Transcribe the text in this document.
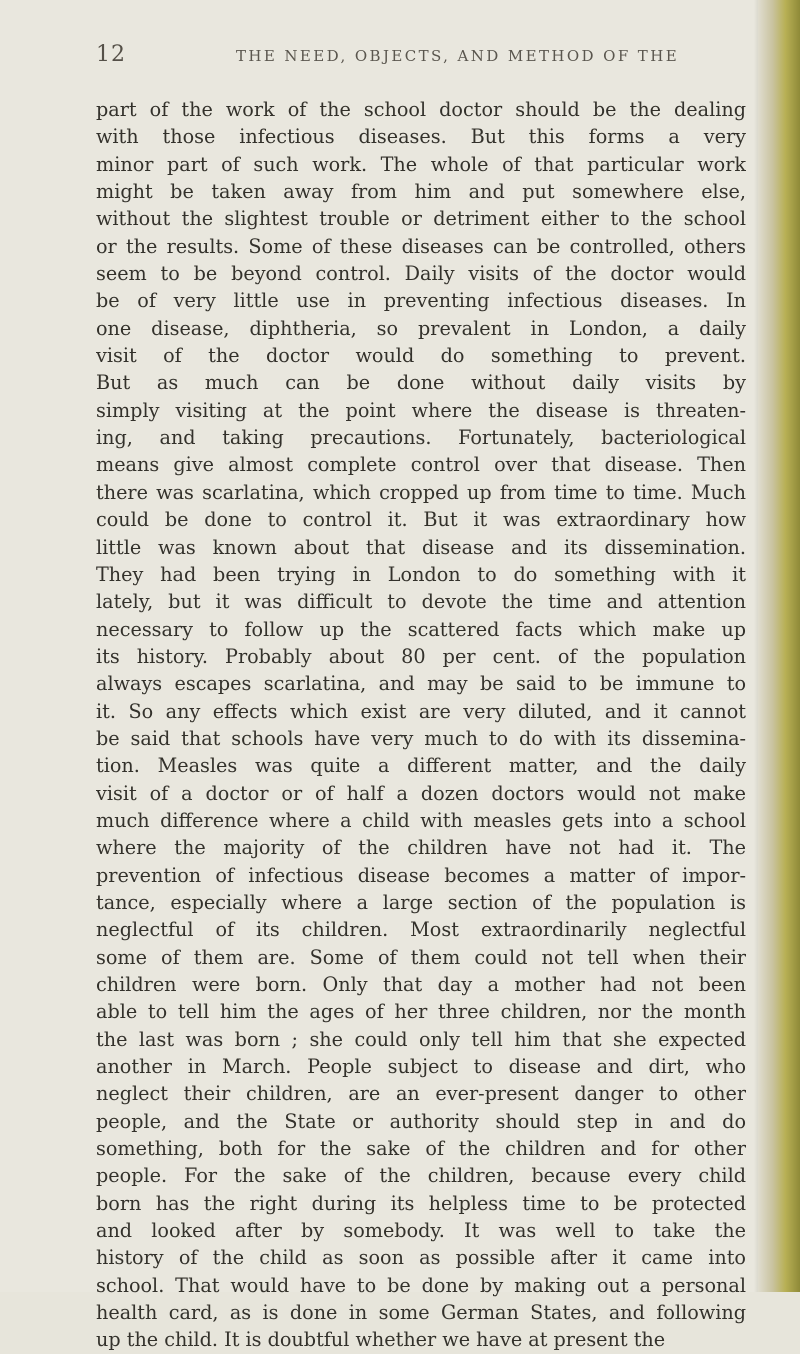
12	THE NEED, OBJECTS, AND METHOD OF THE
part of the work of the school doctor should be the dealing
with those infectious diseases. But this forms a very
minor part of such work. The whole of that particular work
might be taken away from him and put somewhere else,
without the slightest trouble or detriment either to the school
or the results. Some of these diseases can be controlled, others
seem to be beyond control. Daily visits of the doctor would
be of very little use in preventing infectious diseases. In
one disease, diphtheria, so prevalent in London, a daily
visit of the doctor would do something to prevent.
But as much can be done without daily visits by
simply visiting at the point where the disease is threaten-
ing, and taking precautions. Fortunately, bacteriological
means give almost complete control over that disease. Then
there was scarlatina, which cropped up from time to time. Much
could be done to control it. But it was extraordinary how
little was known about that disease and its dissemination.
They had been trying in London to do something with it
lately, but it was difficult to devote the time and attention
necessary to follow up the scattered facts which make up
its history. Probably about 80 per cent. of the population
always escapes scarlatina, and may be said to be immune to
it. So any effects which exist are very diluted, and it cannot
be said that schools have very much to do with its dissemina-
tion. Measles was quite a different matter, and the daily
visit of a doctor or of half a dozen doctors would not make
much difference where a child with measles gets into a school
where the majority of the children have not had it. The
prevention of infectious disease becomes a matter of impor-
tance, especially where a large section of the population is
neglectful of its children. Most extraordinarily neglectful
some of them are. Some of them could not tell when their
children were born. Only that day a mother had not been
able to tell him the ages of her three children, nor the month
the last was born ; she could only tell him that she expected
another in March. People subject to disease and dirt, who
neglect their children, are an ever-present danger to other
people, and the State or authority should step in and do
something, both for the sake of the children and for other
people. For the sake of the children, because every child
born has the right during its helpless time to be protected
and looked after by somebody. It was well to take the
history of the child as soon as possible after it came into
school. That would have to be done by making out a personal
health card, as is done in some German States, and following
up the child. It is doubtful whether we have at present the
